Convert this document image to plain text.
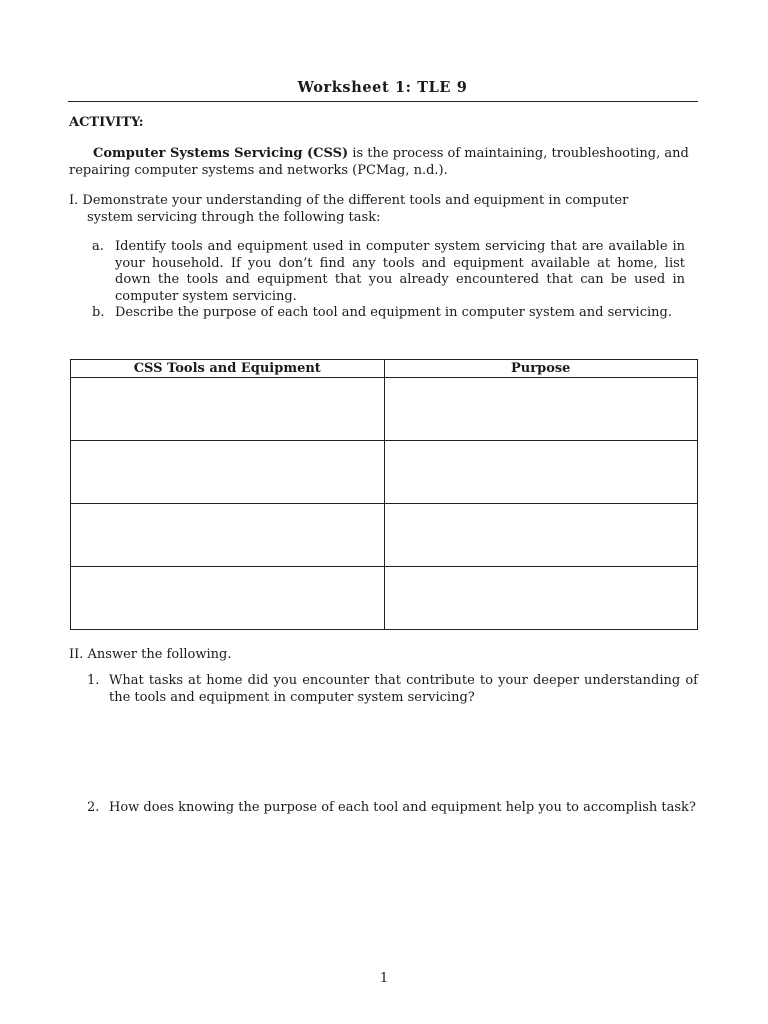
Worksheet 1: TLE 9
ACTIVITY:
Computer Systems Servicing (CSS) is the process of maintaining, troubleshooting, and repairing computer systems and networks (PCMag, n.d.).
I. Demonstrate your understanding of the different tools and equipment in computer
system servicing through the following task:
a. Identify tools and equipment used in computer system servicing that are available in your household. If you don’t find any tools and equipment available at home, list down the tools and equipment that you already encountered that can be used in computer system servicing.
b. Describe the purpose of each tool and equipment in computer system and servicing.
CSS Tools and Equipment	Purpose

II. Answer the following.
1. What tasks at home did you encounter that contribute to your deeper understanding of the tools and equipment in computer system servicing?
2. How does knowing the purpose of each tool and equipment help you to accomplish task?
1
